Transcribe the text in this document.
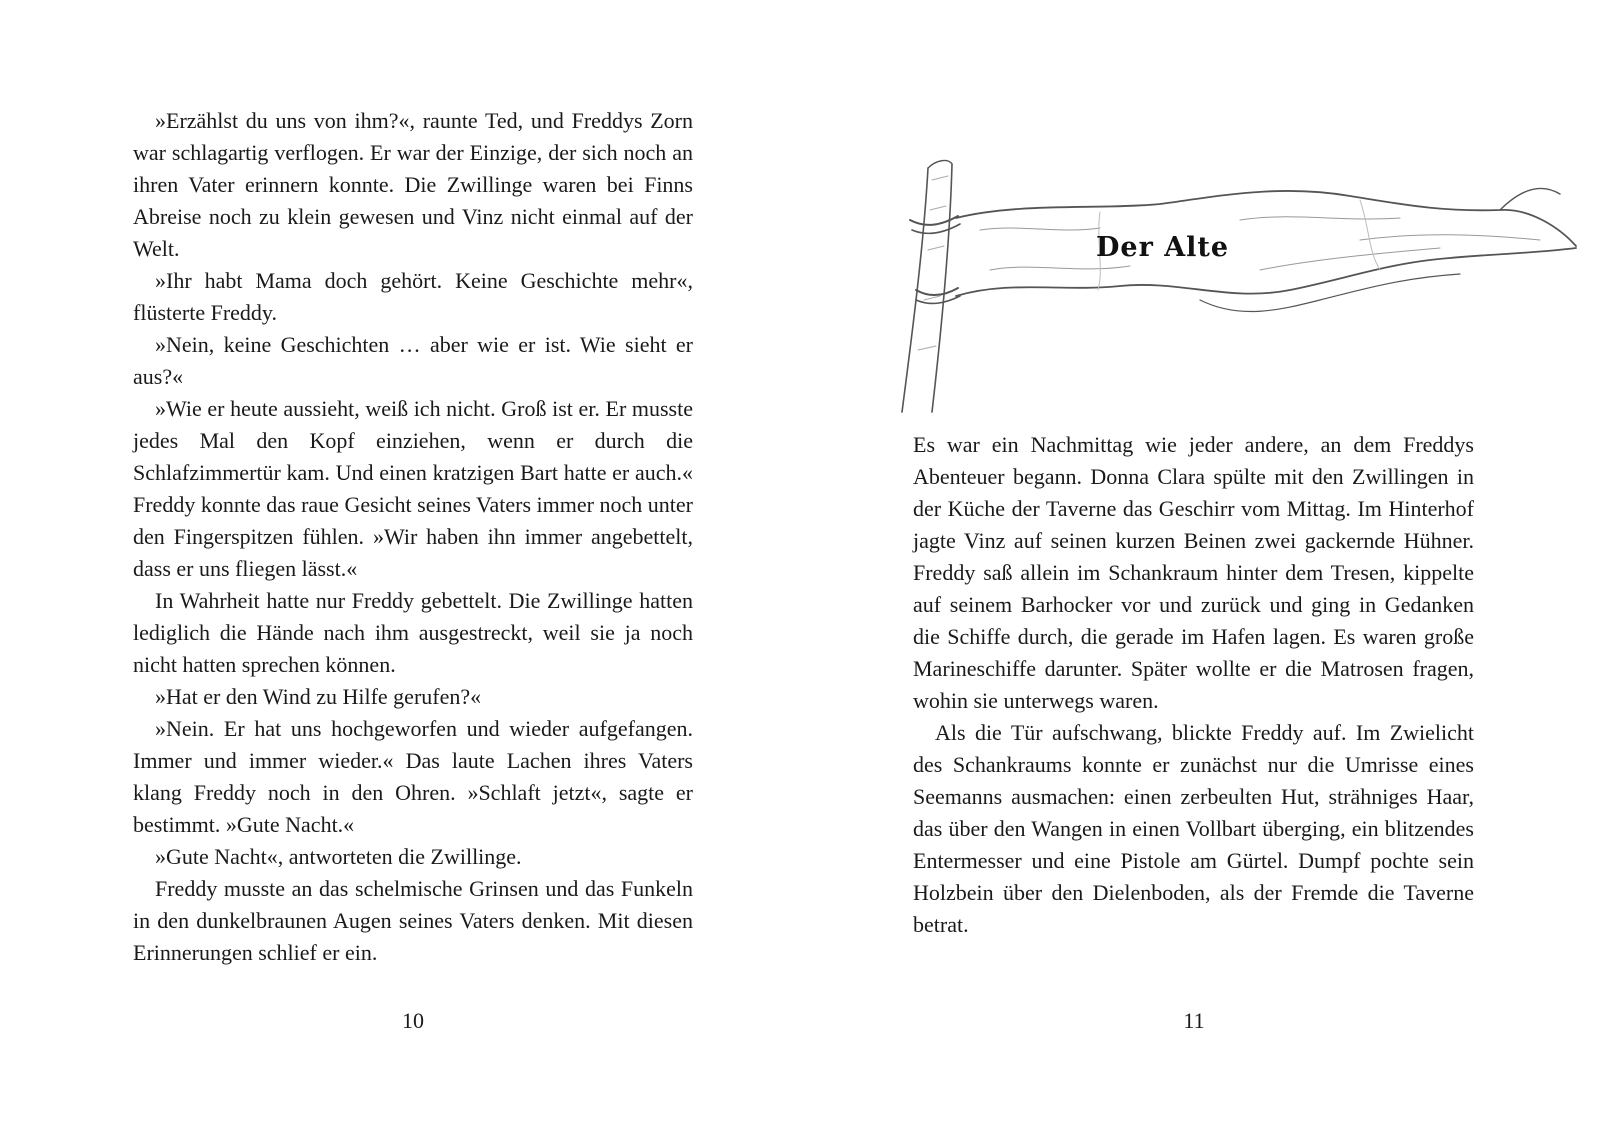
»Erzählst du uns von ihm?«, raunte Ted, und Freddys Zorn war schlagartig verflogen. Er war der Einzige, der sich noch an ihren Vater erinnern konnte. Die Zwillinge waren bei Finns Abreise noch zu klein gewesen und Vinz nicht einmal auf der Welt.

»Ihr habt Mama doch gehört. Keine Geschichte mehr«, flüsterte Freddy.

»Nein, keine Geschichten … aber wie er ist. Wie sieht er aus?«

»Wie er heute aussieht, weiß ich nicht. Groß ist er. Er musste jedes Mal den Kopf einziehen, wenn er durch die Schlafzimmertür kam. Und einen kratzigen Bart hatte er auch.« Freddy konnte das raue Gesicht seines Vaters immer noch unter den Fingerspitzen fühlen. »Wir haben ihn immer angebettelt, dass er uns fliegen lässt.«

In Wahrheit hatte nur Freddy gebettelt. Die Zwillinge hatten lediglich die Hände nach ihm ausgestreckt, weil sie ja noch nicht hatten sprechen können.

»Hat er den Wind zu Hilfe gerufen?«

»Nein. Er hat uns hochgeworfen und wieder aufgefangen. Immer und immer wieder.« Das laute Lachen ihres Vaters klang Freddy noch in den Ohren. »Schlaft jetzt«, sagte er bestimmt. »Gute Nacht.«

»Gute Nacht«, antworteten die Zwillinge.

Freddy musste an das schelmische Grinsen und das Funkeln in den dunkelbraunen Augen seines Vaters denken. Mit diesen Erinnerungen schlief er ein.

10
Der Alte

Es war ein Nachmittag wie jeder andere, an dem Freddys Abenteuer begann. Donna Clara spülte mit den Zwillingen in der Küche der Taverne das Geschirr vom Mittag. Im Hinterhof jagte Vinz auf seinen kurzen Beinen zwei gackernde Hühner. Freddy saß allein im Schankraum hinter dem Tresen, kippelte auf seinem Barhocker vor und zurück und ging in Gedanken die Schiffe durch, die gerade im Hafen lagen. Es waren große Marineschiffe darunter. Später wollte er die Matrosen fragen, wohin sie unterwegs waren.

Als die Tür aufschwang, blickte Freddy auf. Im Zwielicht des Schankraums konnte er zunächst nur die Umrisse eines Seemanns ausmachen: einen zerbeulten Hut, strähniges Haar, das über den Wangen in einen Vollbart überging, ein blitzendes Entermesser und eine Pistole am Gürtel. Dumpf pochte sein Holzbein über den Dielenboden, als der Fremde die Taverne betrat.

11
